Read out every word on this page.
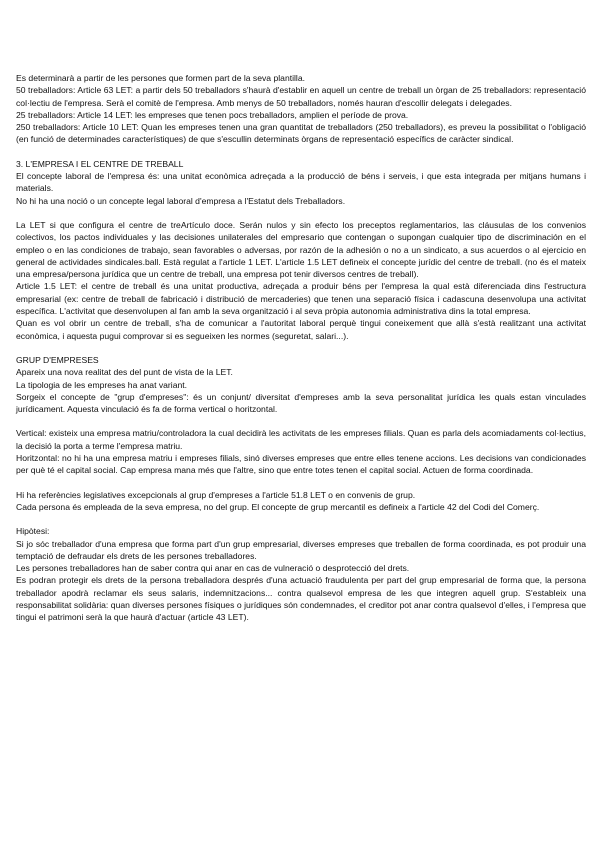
Es determinarà a partir de les persones que formen part de la seva plantilla.

50 treballadors: Article 63 LET: a partir dels 50 treballadors s'haurà d'establir en aquell un centre de treball un òrgan de 25 treballadors: representació col·lectiu de l'empresa. Serà el comitè de l'empresa. Amb menys de 50 treballadors, només hauran d'escollir delegats i delegades.

25 treballadors: Article 14 LET: les empreses que tenen pocs treballadors, amplien el període de prova.

250 treballadors: Article 10 LET: Quan les empreses tenen una gran quantitat de treballadors (250 treballadors), es preveu la possibilitat o l'obligació (en funció de determinades característiques) de que s'escullin determinats òrgans de representació específics de caràcter sindical.

3. L'EMPRESA I EL CENTRE DE TREBALL

El concepte laboral de l'empresa és: una unitat econòmica adreçada a la producció de béns i serveis, i que esta integrada per mitjans humans i materials.

No hi ha una noció o un concepte legal laboral d'empresa a l'Estatut dels Treballadors.

La LET si que configura el centre de treArtículo doce. Serán nulos y sin efecto los preceptos reglamentarios, las cláusulas de los convenios colectivos, los pactos individuales y las decisiones unilaterales del empresario que contengan o supongan cualquier tipo de discriminación en el empleo o en las condiciones de trabajo, sean favorables o adversas, por razón de la adhesión o no a un sindicato, a sus acuerdos o al ejercicio en general de actividades sindicales.ball. Està regulat a l'article 1 LET. L'article 1.5 LET defineix el concepte jurídic del centre de treball. (no és el mateix una empresa/persona jurídica que un centre de treball, una empresa pot tenir diversos centres de treball).

Article 1.5 LET: el centre de treball és una unitat productiva, adreçada a produir béns per l'empresa la qual està diferenciada dins l'estructura empresarial (ex: centre de treball de fabricació i distribució de mercaderies) que tenen una separació física i cadascuna desenvolupa una activitat específica. L'activitat que desenvolupen al fan amb la seva organització i al seva pròpia autonomia administrativa dins la total empresa.

Quan es vol obrir un centre de treball, s'ha de comunicar a l'autoritat laboral perquè tingui coneixement que allà s'està realitzant una activitat econòmica, i aquesta pugui comprovar si es segueixen les normes (seguretat, salari...).

GRUP D'EMPRESES

Apareix una nova realitat des del punt de vista de la LET.

La tipologia de les empreses ha anat variant.

Sorgeix el concepte de "grup d'empreses": és un conjunt/ diversitat d'empreses amb la seva personalitat jurídica les quals estan vinculades jurídicament. Aquesta vinculació és fa de forma vertical o horitzontal.

Vertical: existeix una empresa matriu/controladora la cual decidirà les activitats de les empreses filials. Quan es parla dels acomiadaments col·lectius, la decisió la porta a terme l'empresa matriu.

Horitzontal: no hi ha una empresa matriu i empreses filials, sinó diverses empreses que entre elles tenene accions. Les decisions van condicionades per què té el capital social. Cap empresa mana més que l'altre, sino que entre totes tenen el capital social. Actuen de forma coordinada.

Hi ha referències legislatives excepcionals al grup d'empreses a l'article 51.8 LET o en convenis de grup.

Cada persona és empleada de la seva empresa, no del grup. El concepte de grup mercantil es defineix a l'article 42 del Codi del Comerç.

Hipòtesi:

Si jo sóc treballador d'una empresa que forma part d'un grup empresarial, diverses empreses que treballen de forma coordinada, es pot produir una temptació de defraudar els drets de les persones treballadores.

Les persones treballadores han de saber contra qui anar en cas de vulneració o desprotecció del drets.

Es podran protegir els drets de la persona treballadora després d'una actuació fraudulenta per part del grup empresarial de forma que, la persona treballador apodrà reclamar els seus salaris, indemnitzacions... contra qualsevol empresa de les que integren aquell grup. S'estableix una responsabilitat solidària: quan diverses persones físiques o jurídiques són condemnades, el creditor pot anar contra qualsevol d'elles, i l'empresa que tingui el patrimoni serà la que haurà d'actuar (article 43 LET).
